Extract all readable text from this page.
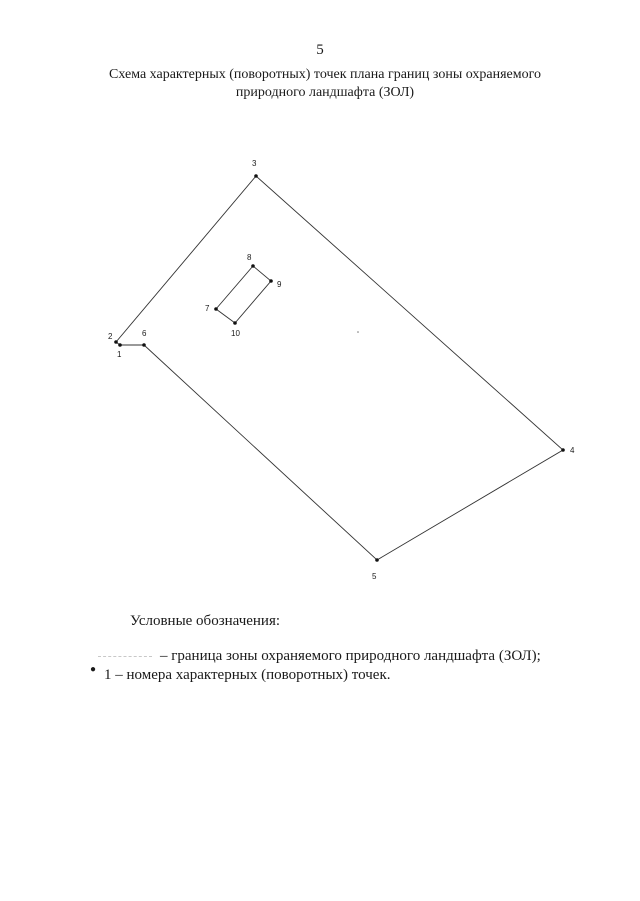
5
Схема характерных (поворотных) точек плана границ зоны охраняемого
природного ландшафта (ЗОЛ)
1
2
3
4
5
6
7
8
9
10
Условные обозначения:
– граница зоны охраняемого природного ландшафта (ЗОЛ);
● 1 – номера характерных (поворотных) точек.
